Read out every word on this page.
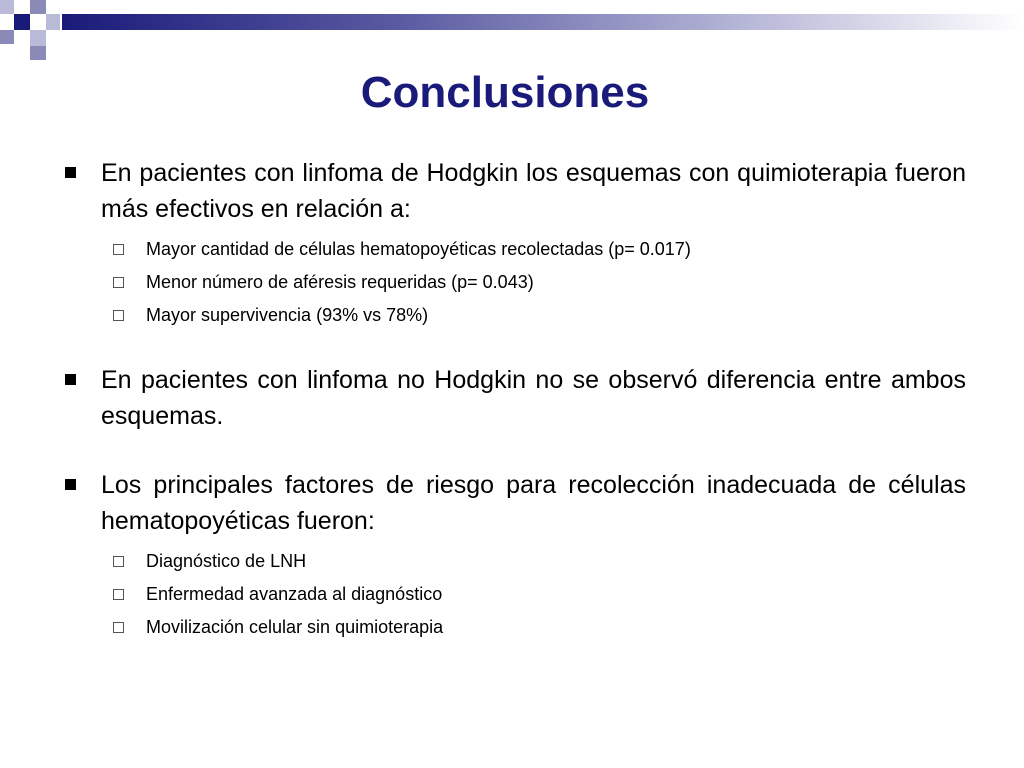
Conclusiones
En pacientes con linfoma de Hodgkin los esquemas con quimioterapia fueron más efectivos en relación a:
Mayor cantidad de células hematopoyéticas recolectadas (p= 0.017)
Menor número de aféresis requeridas (p= 0.043)
Mayor supervivencia (93% vs 78%)
En pacientes con linfoma no Hodgkin no se observó diferencia entre ambos esquemas.
Los principales factores de riesgo para recolección inadecuada de células hematopoyéticas fueron:
Diagnóstico de LNH
Enfermedad avanzada al diagnóstico
Movilización celular sin quimioterapia
